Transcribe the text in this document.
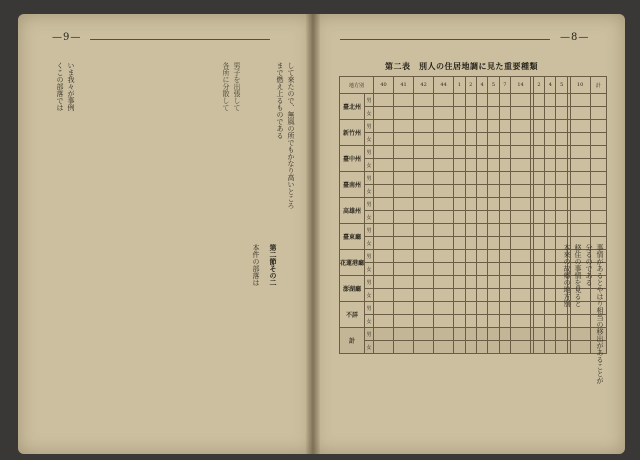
—9—
して來たので、無風の所でもかなり高いところまで燃え上るものである
男子を出張して
各所に分散して
いま我々が事例
くこの部落では
第二節その二
本件の部落は
—8—
第二表　別人の住居地調に見た重要種類
地方別		40	41	42	44	1	2	4	5	7	14		2	4	5		10	計
臺北州	男																	
	女																	
新竹州	男																	
	女																	
臺中州	男																	
	女																	
臺南州	男																	
	女																	
高雄州	男																	
	女																	
臺東廳	男																	
	女																	
花蓮港廳	男																	
	女																	
澎湖廳	男																	
	女																	
不詳	男																	
	女																	
計	男																	
	女																		事情があるとやはり相当の移出があることが
分るのである
移住の事情を見ると
本來の故郷の地方別
